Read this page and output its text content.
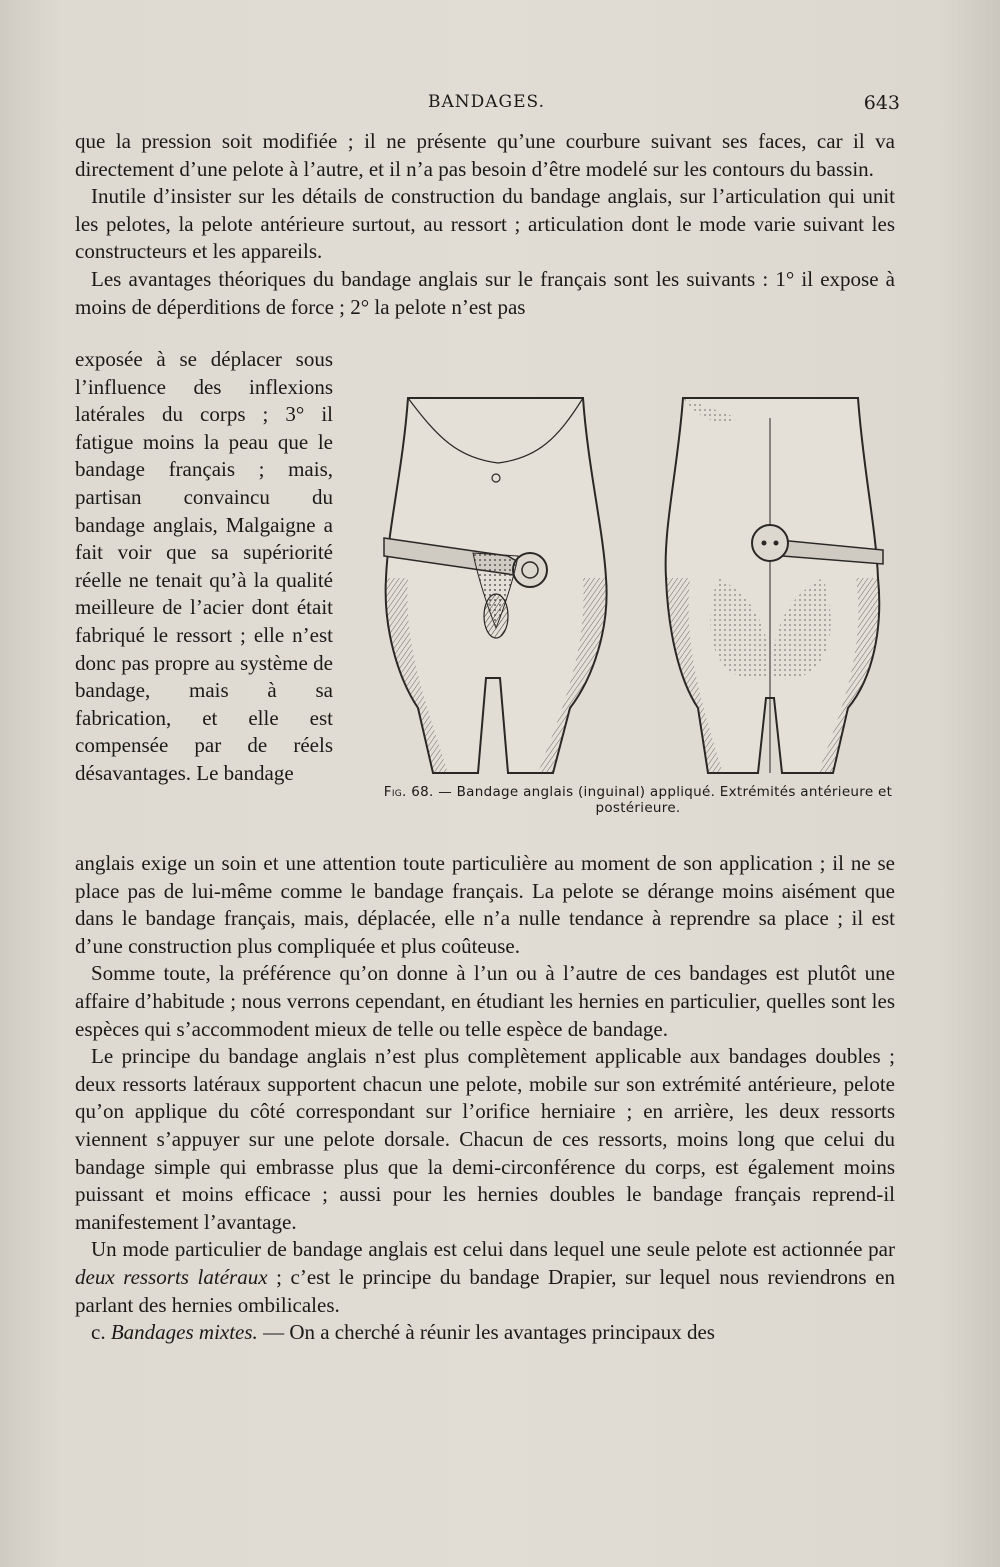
BANDAGES.	643

que la pression soit modifiée ; il ne présente qu’une courbure suivant ses faces, car il va directement d’une pelote à l’autre, et il n’a pas besoin d’être modelé sur les contours du bassin.

Inutile d’insister sur les détails de construction du bandage anglais, sur l’articulation qui unit les pelotes, la pelote antérieure surtout, au ressort ; articulation dont le mode varie suivant les constructeurs et les appareils.

Les avantages théoriques du bandage anglais sur le français sont les suivants : 1° il expose à moins de déperditions de force ; 2° la pelote n’est pas

exposée à se déplacer sous l’influence des inflexions latérales du corps ; 3° il fatigue moins la peau que le bandage français ; mais, partisan convaincu du bandage anglais, Malgaigne a fait voir que sa supériorité réelle ne tenait qu’à la qualité meilleure de l’acier dont était fabriqué le ressort ; elle n’est donc pas propre au système de bandage, mais à sa fabrication, et elle est compensée par de réels désavantages. Le bandage

Fig. 68. — Bandage anglais (inguinal) appliqué. Extrémités antérieure et postérieure.

anglais exige un soin et une attention toute particulière au moment de son application ; il ne se place pas de lui-même comme le bandage français. La pelote se dérange moins aisément que dans le bandage français, mais, déplacée, elle n’a nulle tendance à reprendre sa place ; il est d’une construction plus compliquée et plus coûteuse.

Somme toute, la préférence qu’on donne à l’un ou à l’autre de ces bandages est plutôt une affaire d’habitude ; nous verrons cependant, en étudiant les hernies en particulier, quelles sont les espèces qui s’accommodent mieux de telle ou telle espèce de bandage.

Le principe du bandage anglais n’est plus complètement applicable aux bandages doubles ; deux ressorts latéraux supportent chacun une pelote, mobile sur son extrémité antérieure, pelote qu’on applique du côté correspondant sur l’orifice herniaire ; en arrière, les deux ressorts viennent s’appuyer sur une pelote dorsale. Chacun de ces ressorts, moins long que celui du bandage simple qui embrasse plus que la demi-circonférence du corps, est également moins puissant et moins efficace ; aussi pour les hernies doubles le bandage français reprend-il manifestement l’avantage.

Un mode particulier de bandage anglais est celui dans lequel une seule pelote est actionnée par deux ressorts latéraux ; c’est le principe du bandage Drapier, sur lequel nous reviendrons en parlant des hernies ombilicales.

c. Bandages mixtes. — On a cherché à réunir les avantages principaux des
